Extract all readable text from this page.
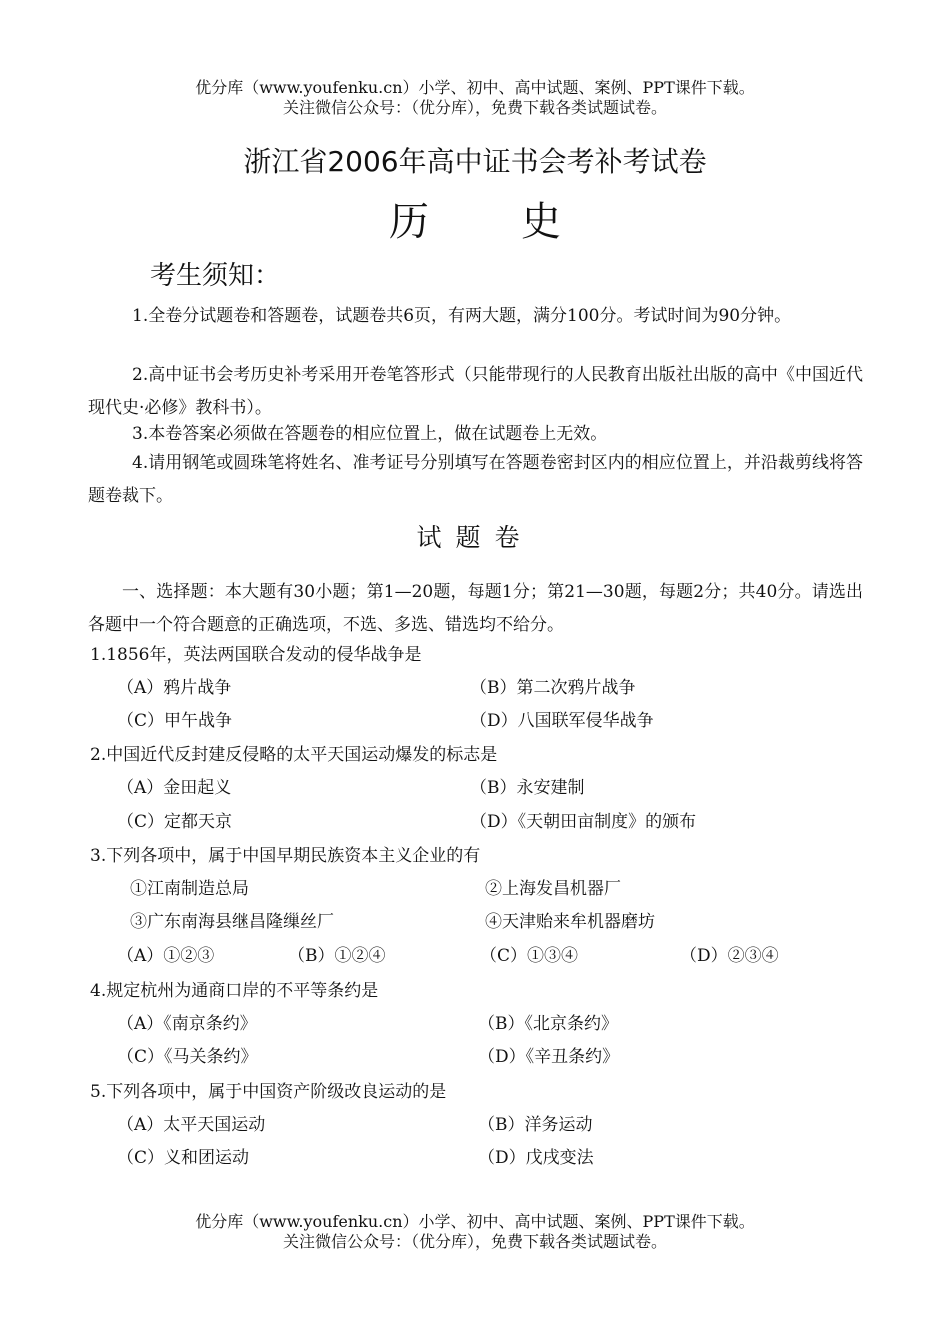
优分库（www.youfenku.cn）小学、初中、高中试题、案例、PPT课件下载。
关注微信公众号：（优分库），免费下载各类试题试卷。
浙江省2006年高中证书会考补考试卷
历 史
考生须知：
1.全卷分试题卷和答题卷，试题卷共6页，有两大题，满分100分。考试时间为90分钟。
2.高中证书会考历史补考采用开卷笔答形式（只能带现行的人民教育出版社出版的高中《中国近代现代史·必修》教科书）。
3.本卷答案必须做在答题卷的相应位置上，做在试题卷上无效。
4.请用钢笔或圆珠笔将姓名、准考证号分别填写在答题卷密封区内的相应位置上，并沿裁剪线将答题卷裁下。
试题卷
一、选择题：本大题有30小题；第1—20题，每题1分；第21—30题，每题2分；共40分。请选出各题中一个符合题意的正确选项，不选、多选、错选均不给分。
1.1856年，英法两国联合发动的侵华战争是
（A）鸦片战争	（B）第二次鸦片战争
（C）甲午战争	（D）八国联军侵华战争
2.中国近代反封建反侵略的太平天国运动爆发的标志是
（A）金田起义	（B）永安建制
（C）定都天京	（D）《天朝田亩制度》的颁布
3.下列各项中，属于中国早期民族资本主义企业的有
①江南制造总局	②上海发昌机器厂
③广东南海县继昌隆缫丝厂	④天津贻来牟机器磨坊
（A）①②③	（B）①②④	（C）①③④	（D）②③④
4.规定杭州为通商口岸的不平等条约是
（A）《南京条约》	（B）《北京条约》
（C）《马关条约》	（D）《辛丑条约》
5.下列各项中，属于中国资产阶级改良运动的是
（A）太平天国运动	（B）洋务运动
（C）义和团运动	（D）戊戌变法
优分库（www.youfenku.cn）小学、初中、高中试题、案例、PPT课件下载。
关注微信公众号：（优分库），免费下载各类试题试卷。
